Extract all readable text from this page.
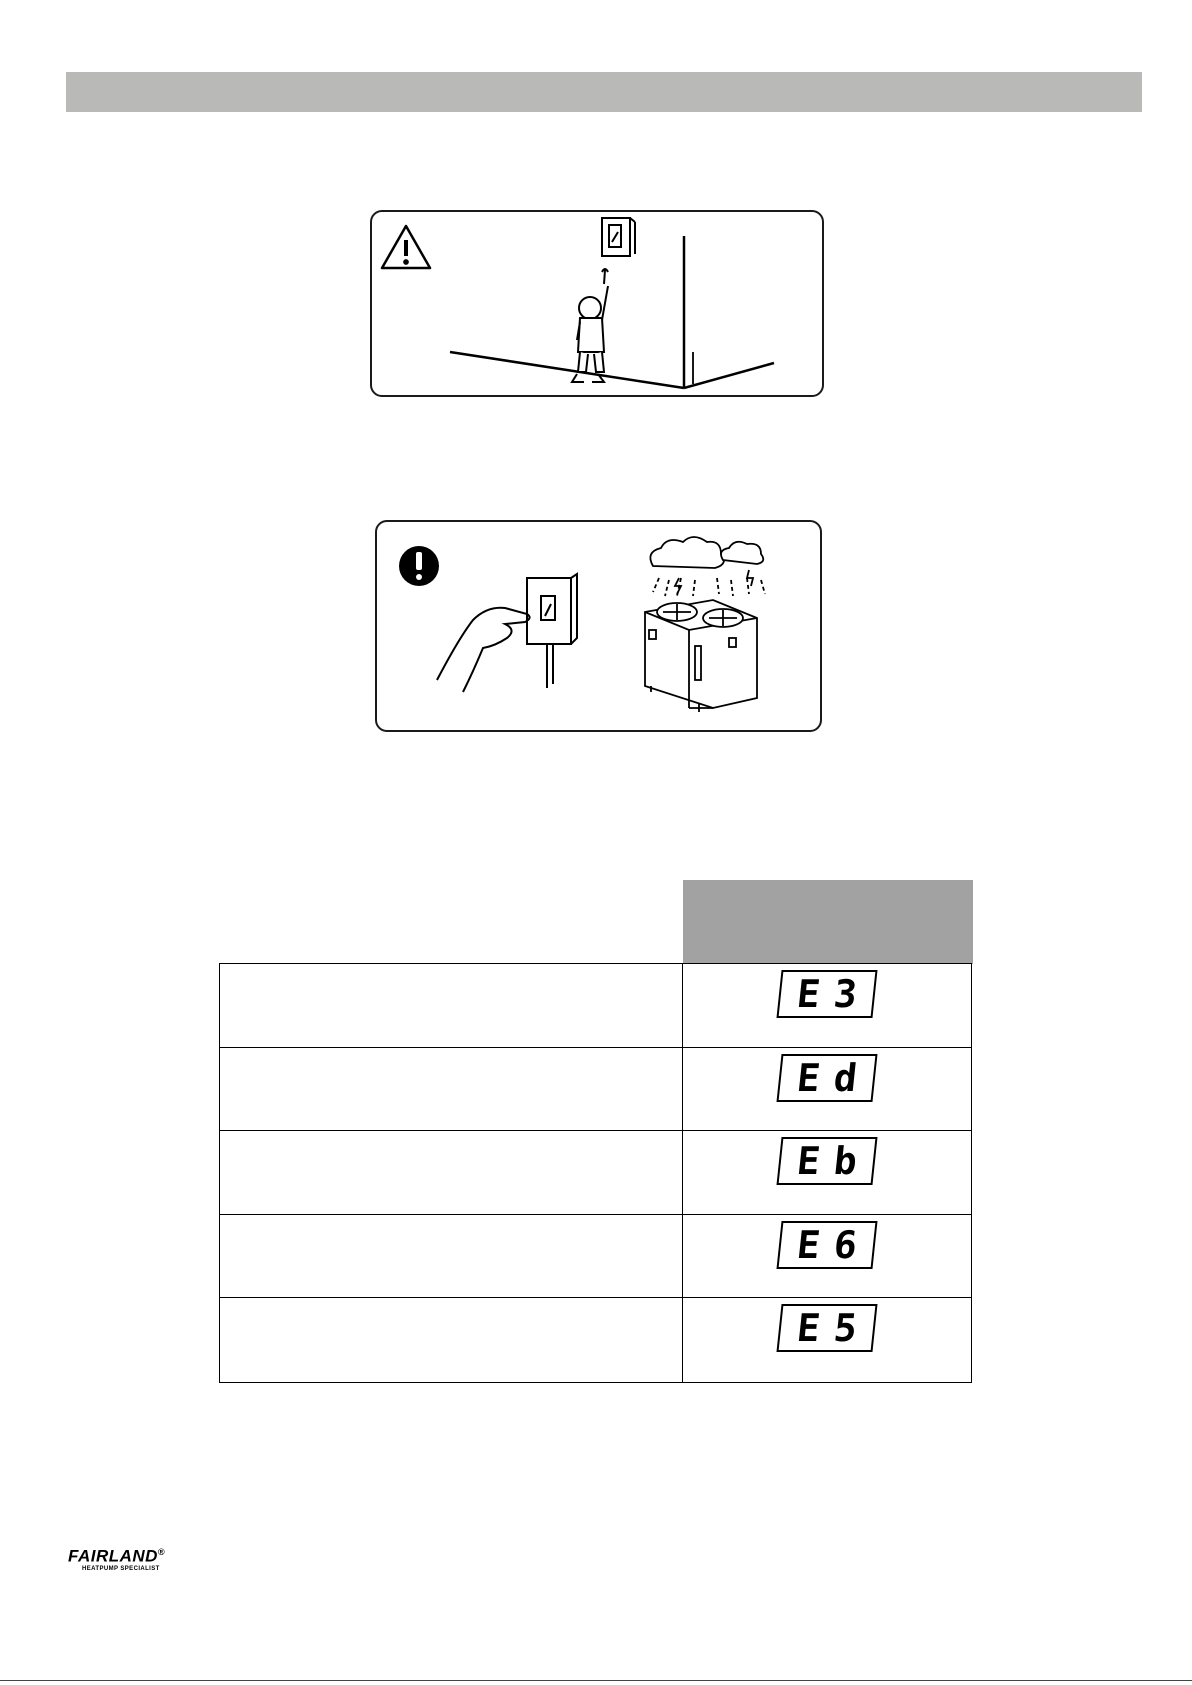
E3
Ed
Eb
E6
E5
FAIRLAND®
HEATPUMP SPECIALIST
